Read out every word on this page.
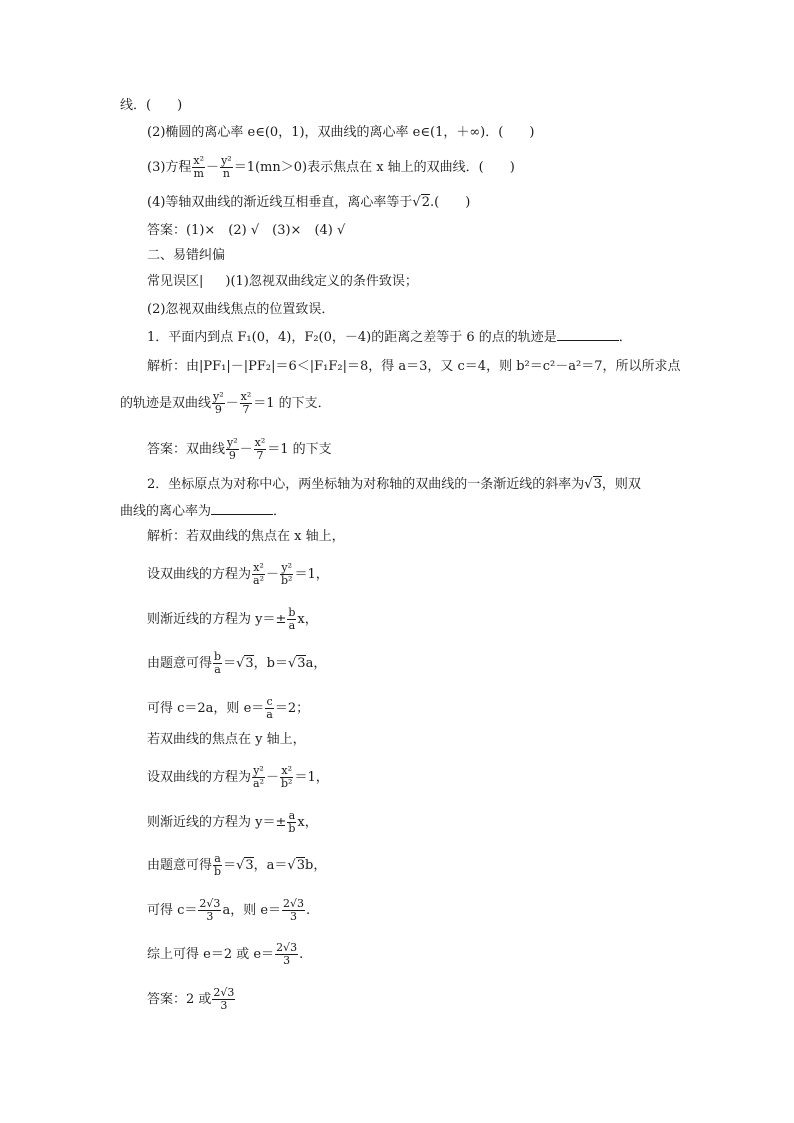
线．(　　)
(2)椭圆的离心率 e∈(0，1)，双曲线的离心率 e∈(1，＋∞)．(　　)
(3)方程 $\frac{\text{x²}}{m} - \frac{\text{y²}}{n} =1(mn>0)$表示焦点在 x 轴上的双曲线．(　　)
(4)等轴双曲线的渐近线互相垂直，离心率等于√2.(　　)
答案：(1)×　(2) √　(3)×　(4) √
二、易错纠偏
常见误区| )(1)忽视双曲线定义的条件致误；
(2)忽视双曲线焦点的位置致误．
1．平面内到点 F₁(0，4)，F₂(0，－4)的距离之差等于 6 的点的轨迹是	．
解析：由|PF₁|－|PF₂|＝6＜|F₁F₂|＝8，得 a＝3，又 c＝4，则 b²＝c²－a²＝7，所以所求点
的轨迹是双曲线 $\frac{\text{y²}}{9} - \frac{\text{x²}}{7} =1$ 的下支．
答案：双曲线 $\frac{\text{y²}}{9} - \frac{\text{x²}}{7} =1$ 的下支
2．坐标原点为对称中心，两坐标轴为对称轴的双曲线的一条渐近线的斜率为√3，则双
曲线的离心率为	．
解析：若双曲线的焦点在 x 轴上，
设双曲线的方程为 $\frac{\text{x²}}{\text{a²}} - \frac{\text{y²}}{\text{b²}} =1$，
则渐近线的方程为 $y=\pm \frac{b}{a}$ x，
由题意可得 $\frac{b}{a} =√3$，b＝√3a，
可得 c＝2a，则 $e= \frac{c}{a} =2$；
若双曲线的焦点在 y 轴上，
设双曲线的方程为 $\frac{\text{y²}}{\text{a²}} - \frac{\text{x²}}{\text{b²}} =1$，
则渐近线的方程为 $y=\pm \frac{a}{b}$ x，
由题意可得 $\frac{a}{b} =√3$，a＝√3b，
可得 $c= \frac{2√3}{3}$ a，则 $e= \frac{2√3}{3}$ .
综上可得 e＝2 或 $e= \frac{2√3}{3}$ .
答案：2 或 $\frac{2√3}{3}$
